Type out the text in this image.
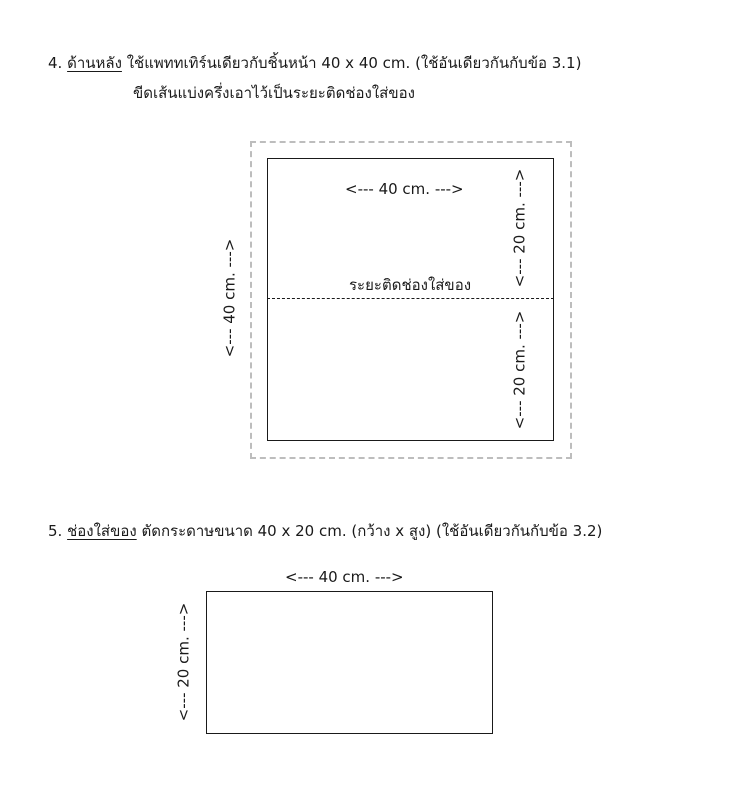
4. ด้านหลัง ใช้แพททเทิร์นเดียวกับชิ้นหน้า 40 x 40 cm. (ใช้อันเดียวกันกับข้อ 3.1)
ขีดเส้นแบ่งครึ่งเอาไว้เป็นระยะติดช่องใส่ของ
<--- 40 cm. --->
ระยะติดช่องใส่ของ
<--- 40 cm. --->
<--- 20 cm. --->
<--- 20 cm. --->
5. ช่องใส่ของ ตัดกระดาษขนาด 40 x 20 cm. (กว้าง x สูง) (ใช้อันเดียวกันกับข้อ 3.2)
<--- 40 cm. --->
<--- 20 cm. --->
